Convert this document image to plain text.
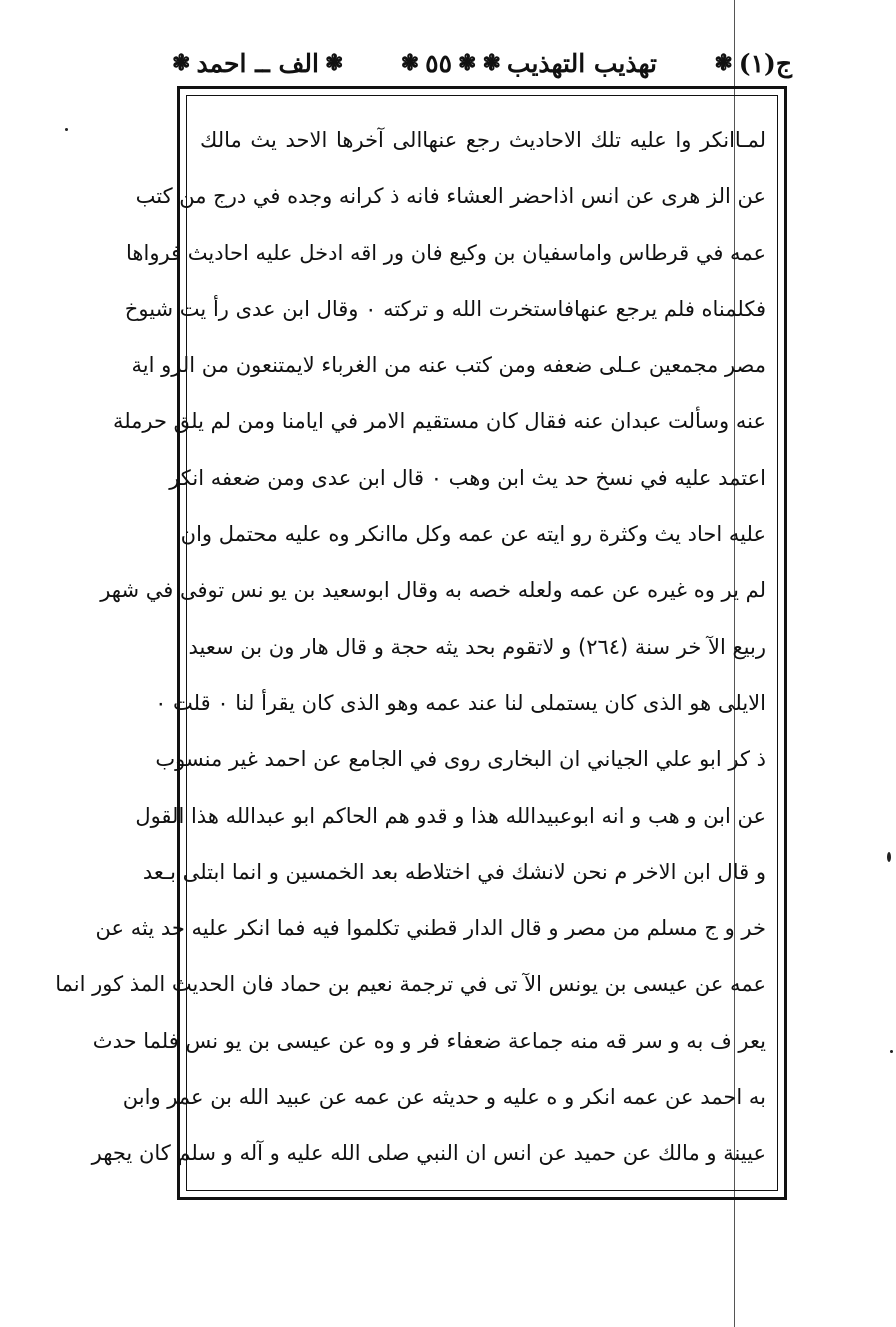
ج(١)
❃
تهذيب التهذيب
❃
❃
٥٥
❃
❃
الف ــ احمد
❃
لمـاانكر وا عليه تلك الاحاديث رجع عنهاالى آخرها الاحد يث مالك
عن الز هرى عن انس اذاحضر العشاء فانه ذ كرانه وجده في درج من كتب
عمه في قرطاس واماسفيان بن وكيع فان ور اقه ادخل عليه احاديث فرواها
فكلمناه فلم يرجع عنهافاستخرت الله و تركته ٠ وقال ابن عدى رأ يت شيوخ
مصر مجمعين عـلى ضعفه ومن كتب عنه من الغرباء لايمتنعون من الرو اية
عنه وسألت عبدان عنه فقال كان مستقيم الامر في ايامنا ومن لم يلق حرملة
اعتمد عليه في نسخ حد يث ابن وهب ٠ قال ابن عدى ومن ضعفه انكر
عليه احاد يث وكثرة رو ايته عن عمه وكل ماانكر وه عليه محتمل وان
لم ير وه غيره عن عمه ولعله خصه به وقال ابوسعيد بن يو نس توفى في شهر
ربيع الآ خر سنة (٢٦٤) و لاتقوم بحد يثه حجة و قال هار ون بن سعيد
الايلى هو الذى كان يستملى لنا عند عمه وهو الذى كان يقرأ لنا ٠ قلت ٠
ذ كر ابو علي الجياني ان البخارى روى في الجامع عن احمد غير منسوب
عن ابن و هب و انه ابوعبيدالله هذا و قدو هم الحاكم ابو عبدالله هذا القول
و قال ابن الاخر م نحن لانشك في اختلاطه بعد الخمسين و انما ابتلى بـعد
خر و ج مسلم من مصر و قال الدار قطني تكلموا فيه فما انكر عليه حد يثه عن
عمه عن عيسى بن يونس الآ تى في ترجمة نعيم بن حماد فان الحديث المذ كور انما
يعر ف به و سر قه منه جماعة ضعفاء فر و وه عن عيسى بن يو نس فلما حدث
به احمد عن عمه انكر و ه عليه و حديثه عن عمه عن عبيد الله بن عمر وابن
عيينة و مالك عن حميد عن انس ان النبي صلى الله عليه و آله و سلم كان يجهر
